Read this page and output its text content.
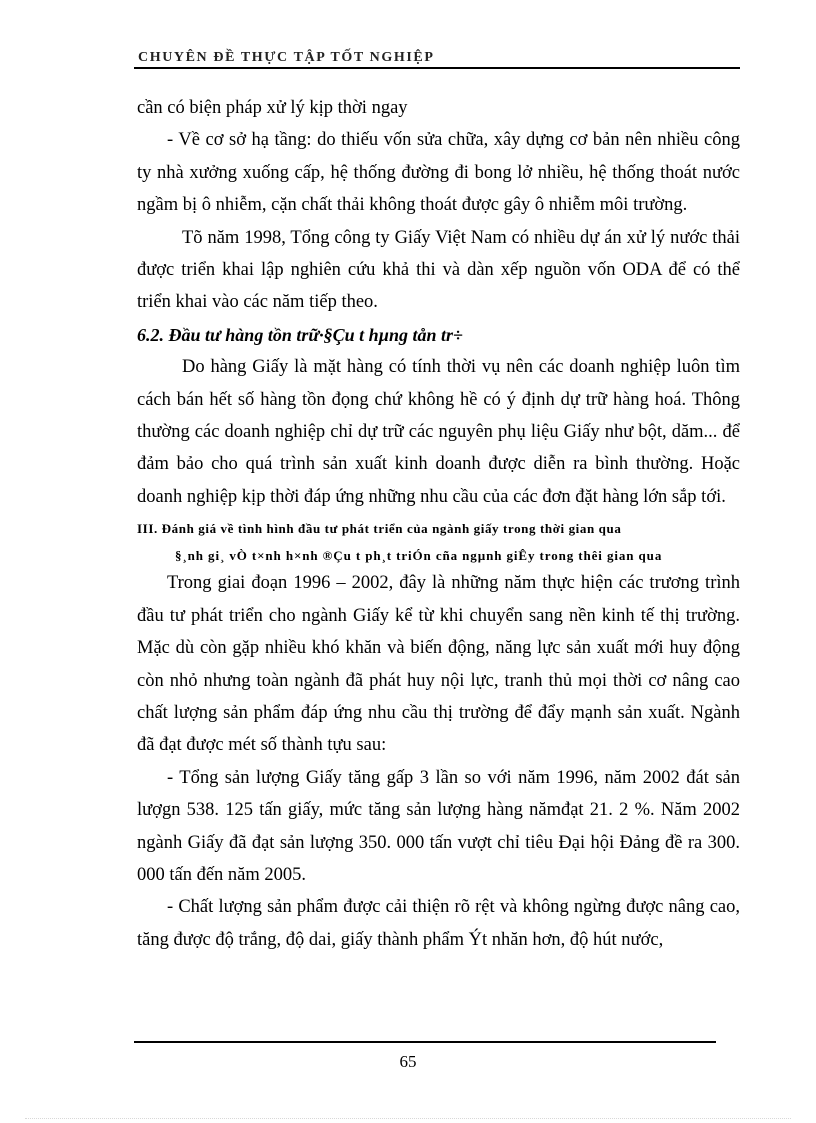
CHUYÊN ĐỀ THỰC TẬP TỐT NGHIỆP

cần có biện pháp xử lý kịp thời ngay

- Về cơ sở hạ tầng: do thiếu vốn sửa chữa, xây dựng cơ bản nên nhiều công ty nhà xưởng xuống cấp, hệ thống đường đi bong lở nhiều, hệ thống thoát nước ngầm bị ô nhiễm, cặn chất thải không thoát được gây ô nhiễm môi trường.

Tõ năm 1998, Tổng công ty Giấy Việt Nam có nhiều dự án xử lý nước thải được triển khai lập nghiên cứu khả thi và dàn xếp nguồn vốn ODA để có thể triển khai vào các năm tiếp theo.

6.2. Đầu tư hàng tồn trữ·§Çu t hµng tån tr÷

Do hàng Giấy là mặt hàng có tính thời vụ nên các doanh nghiệp luôn tìm cách bán hết số hàng tồn đọng chứ không hề có ý định dự trữ hàng hoá. Thông thường các doanh nghiệp chỉ dự trữ các nguyên phụ liệu Giấy như bột, dăm... để đảm bảo cho quá trình sản xuất kinh doanh được diễn ra bình thường. Hoặc doanh nghiệp kịp thời đáp ứng những nhu cầu của các đơn đặt hàng lớn sắp tới.

III. Đánh giá về tình hình đầu tư phát triển của ngành giấy trong thời gian qua
§¸nh gi¸ vÒ t×nh h×nh ®Çu t ph¸t triÓn cña ngµnh giÊy trong thêi gian qua

Trong giai đoạn 1996 – 2002, đây là những năm thực hiện các trương trình đầu tư phát triển cho ngành Giấy kể từ khi chuyển sang nền kinh tế thị trường. Mặc dù còn gặp nhiều khó khăn và biến động, năng lực sản xuất mới huy động còn nhỏ nhưng toàn ngành đã phát huy nội lực, tranh thủ mọi thời cơ nâng cao chất lượng sản phẩm đáp ứng nhu cầu thị trường để đẩy mạnh sản xuất. Ngành đã đạt được mét số thành tựu sau:

- Tổng sản lượng Giấy tăng gấp 3 lần so với năm 1996, năm 2002 đát sản lượgn 538. 125 tấn giấy, mức tăng sản lượng hàng nămđạt 21. 2 %. Năm 2002 ngành Giấy đã đạt sản lượng 350. 000 tấn vượt chỉ tiêu Đại hội Đảng đề ra 300. 000 tấn đến năm 2005.

- Chất lượng sản phẩm được cải thiện rõ rệt và không ngừng được nâng cao, tăng được độ trắng, độ dai, giấy thành phẩm Ýt nhăn hơn, độ hút nước,

65
